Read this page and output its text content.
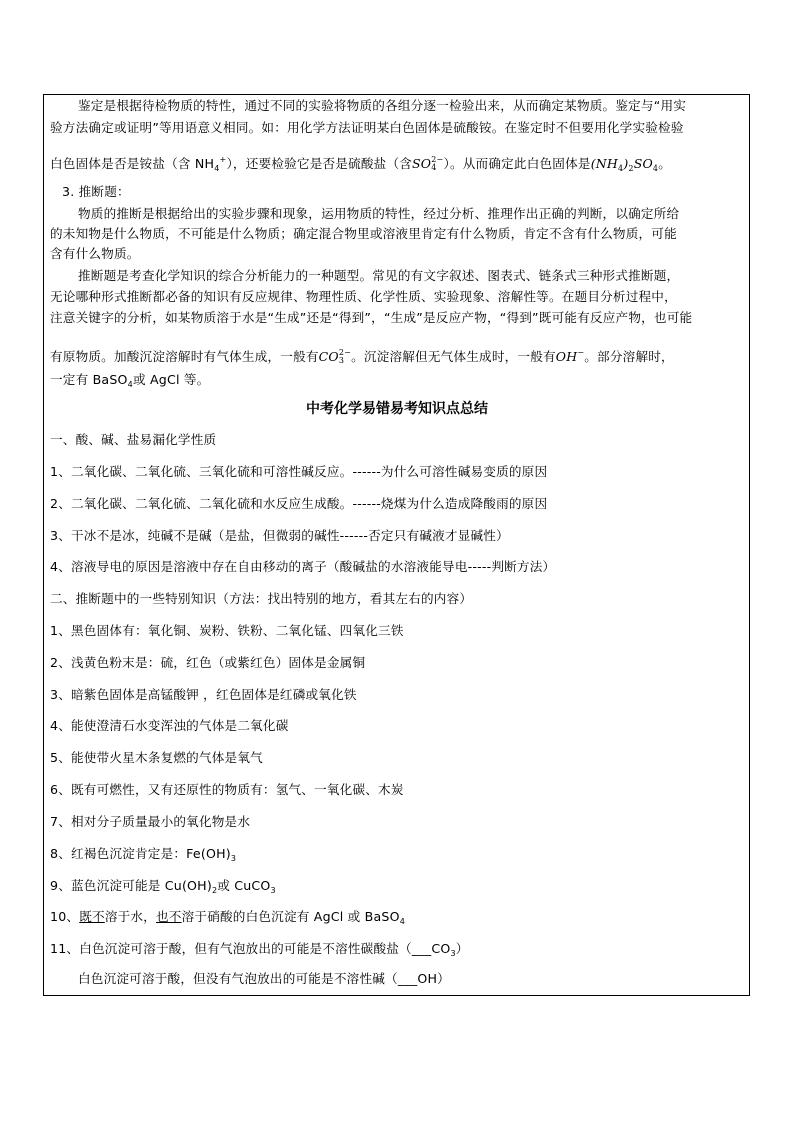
鉴定是根据待检物质的特性，通过不同的实验将物质的各组分逐一检验出来，从而确定某物质。鉴定与“用实
验方法确定或证明”等用语意义相同。如：用化学方法证明某白色固体是硫酸铵。在鉴定时不但要用化学实验检验
白色固体是否是铵盐（含 $NH_4^+$），还要检验它是否是硫酸盐（含SO 2−
4 ）。从而确定此白色固体是$(NH_4)_2SO_4$。
3. 推断题：
物质的推断是根据给出的实验步骤和现象，运用物质的特性，经过分析、推理作出正确的判断，以确定所给
的未知物是什么物质，不可能是什么物质；确定混合物里或溶液里肯定有什么物质，肯定不含有什么物质，可能
含有什么物质。
推断题是考查化学知识的综合分析能力的一种题型。常见的有文字叙述、图表式、链条式三种形式推断题，
无论哪种形式推断都必备的知识有反应规律、物理性质、化学性质、实验现象、溶解性等。在题目分析过程中，
注意关键字的分析，如某物质溶于水是“生成”还是“得到”，“生成”是反应产物，“得到”既可能有反应产物，也可能
有原物质。加酸沉淀溶解时有气体生成，一般有CO 2−
3 。沉淀溶解但无气体生成时，一般有OH−。部分溶解时，
一定有 BaSO$_4$或 AgCl 等。
中考化学易错易考知识点总结
一、酸、碱、盐易漏化学性质
1、二氧化碳、二氧化硫、三氧化硫和可溶性碱反应。------为什么可溶性碱易变质的原因
2、二氧化碳、二氧化硫、二氧化硫和水反应生成酸。------烧煤为什么造成降酸雨的原因
3、干冰不是冰，纯碱不是碱（是盐，但微弱的碱性------否定只有碱液才显碱性）
4、溶液导电的原因是溶液中存在自由移动的离子（酸碱盐的水溶液能导电-----判断方法）
二、推断题中的一些特别知识（方法：找出特别的地方，看其左右的内容）
1、黑色固体有：氧化铜、炭粉、铁粉、二氧化锰、四氧化三铁
2、浅黄色粉末是：硫，红色（或紫红色）固体是金属铜
3、暗紫色固体是高锰酸钾 ，红色固体是红磷或氧化铁
4、能使澄清石水变浑浊的气体是二氧化碳
5、能使带火星木条复燃的气体是氧气
6、既有可燃性，又有还原性的物质有：氢气、一氧化碳、木炭
7、相对分子质量最小的氧化物是水
8、红褐色沉淀肯定是：$Fe(OH)_3$
9、蓝色沉淀可能是 $Cu(OH)_2$或 CuCO$_3$
10、既不溶于水，也不溶于硝酸的白色沉淀有 AgCl 或 BaSO$_4$
11、白色沉淀可溶于酸，但有气泡放出的可能是不溶性碳酸盐$(\_\_\_CO_3)$
白色沉淀可溶于酸，但没有气泡放出的可能是不溶性碱（___OH）
